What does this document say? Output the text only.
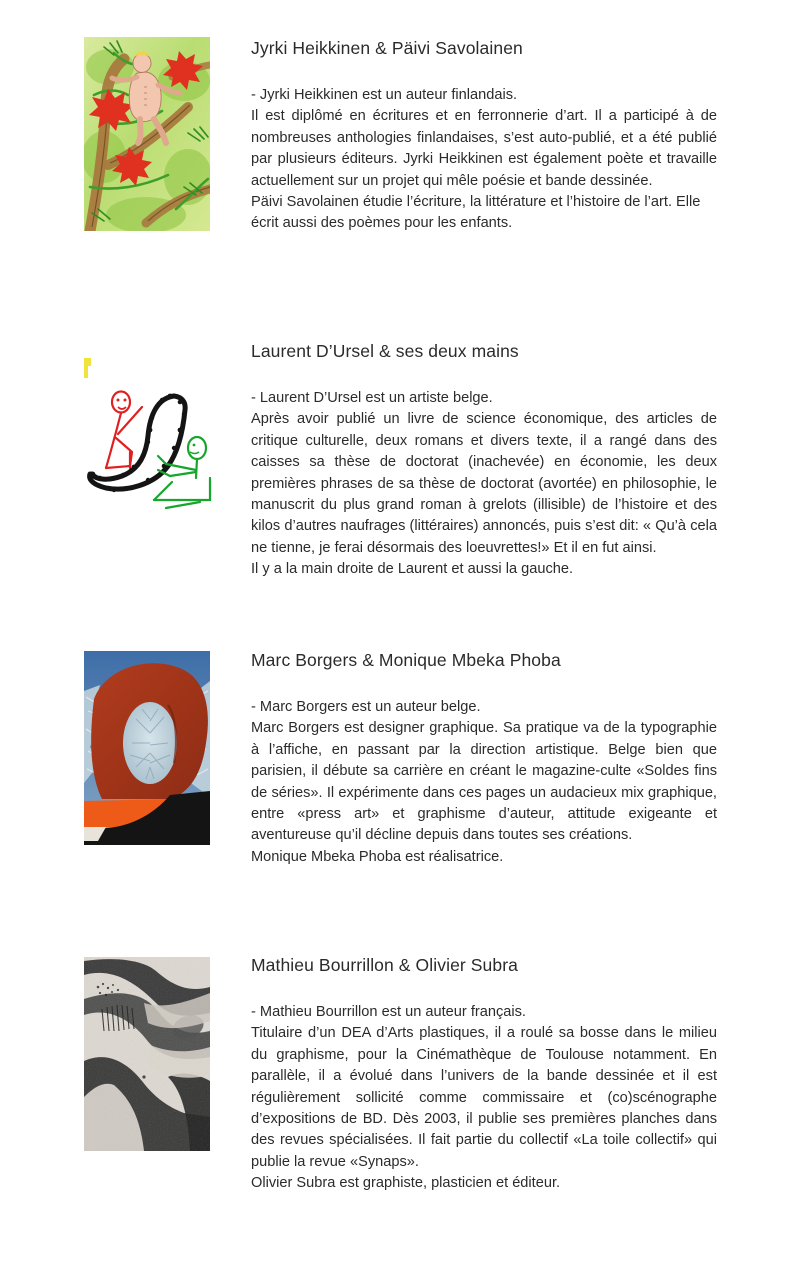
Jyrki Heikkinen & Päivi Savolainen

- Jyrki Heikkinen est un auteur finlandais.

Il est diplômé en écritures et en ferronnerie d’art. Il a participé à de nombreuses anthologies finlandaises, s’est auto-publié, et a été publié par plusieurs éditeurs. Jyrki Heikkinen est également poète et travaille actuellement sur un projet qui mêle poésie et bande dessinée.

Päivi Savolainen étudie l’écriture, la littérature et l’histoire de l’art. Elle écrit aussi des poèmes pour les enfants.

Laurent D’Ursel & ses deux mains

- Laurent D’Ursel est un artiste belge.

Après avoir publié un livre de science économique, des articles de critique culturelle, deux romans et divers texte, il a rangé dans des caisses sa thèse de doctorat (inachevée) en économie, les deux premières phrases de sa thèse de doctorat (avortée) en philosophie, le manuscrit du plus grand roman à grelots (illisible) de l’histoire et des kilos d’autres naufrages (littéraires) annoncés, puis s’est dit: « Qu’à cela ne tienne, je ferai désormais des loeuvrettes!» Et il en fut ainsi.

Il y a la main droite de Laurent et aussi la gauche.

Marc Borgers & Monique Mbeka Phoba

- Marc Borgers est un auteur belge.

Marc Borgers est designer graphique. Sa pratique va de la typographie à l’affiche, en passant par la direction artistique. Belge bien que parisien, il débute sa carrière en créant le magazine-culte «Soldes fins de séries». Il expérimente dans ces pages un audacieux mix graphique, entre «press art» et graphisme d’auteur, attitude exigeante et aventureuse qu’il décline depuis dans toutes ses créations.

Monique Mbeka Phoba est réalisatrice.

Mathieu Bourrillon & Olivier Subra

- Mathieu Bourrillon est un auteur français.

Titulaire d’un DEA d’Arts plastiques, il a roulé sa bosse dans le milieu du graphisme, pour la Cinémathèque de Toulouse notamment. En parallèle, il a évolué dans l’univers de la bande dessinée et il est régulièrement sollicité comme commissaire et (co)scénographe d’expositions de BD. Dès 2003, il publie ses premières planches dans des revues spécialisées. Il fait partie du collectif «La toile collectif» qui publie la revue «Synaps».

Olivier Subra est graphiste, plasticien et éditeur.
